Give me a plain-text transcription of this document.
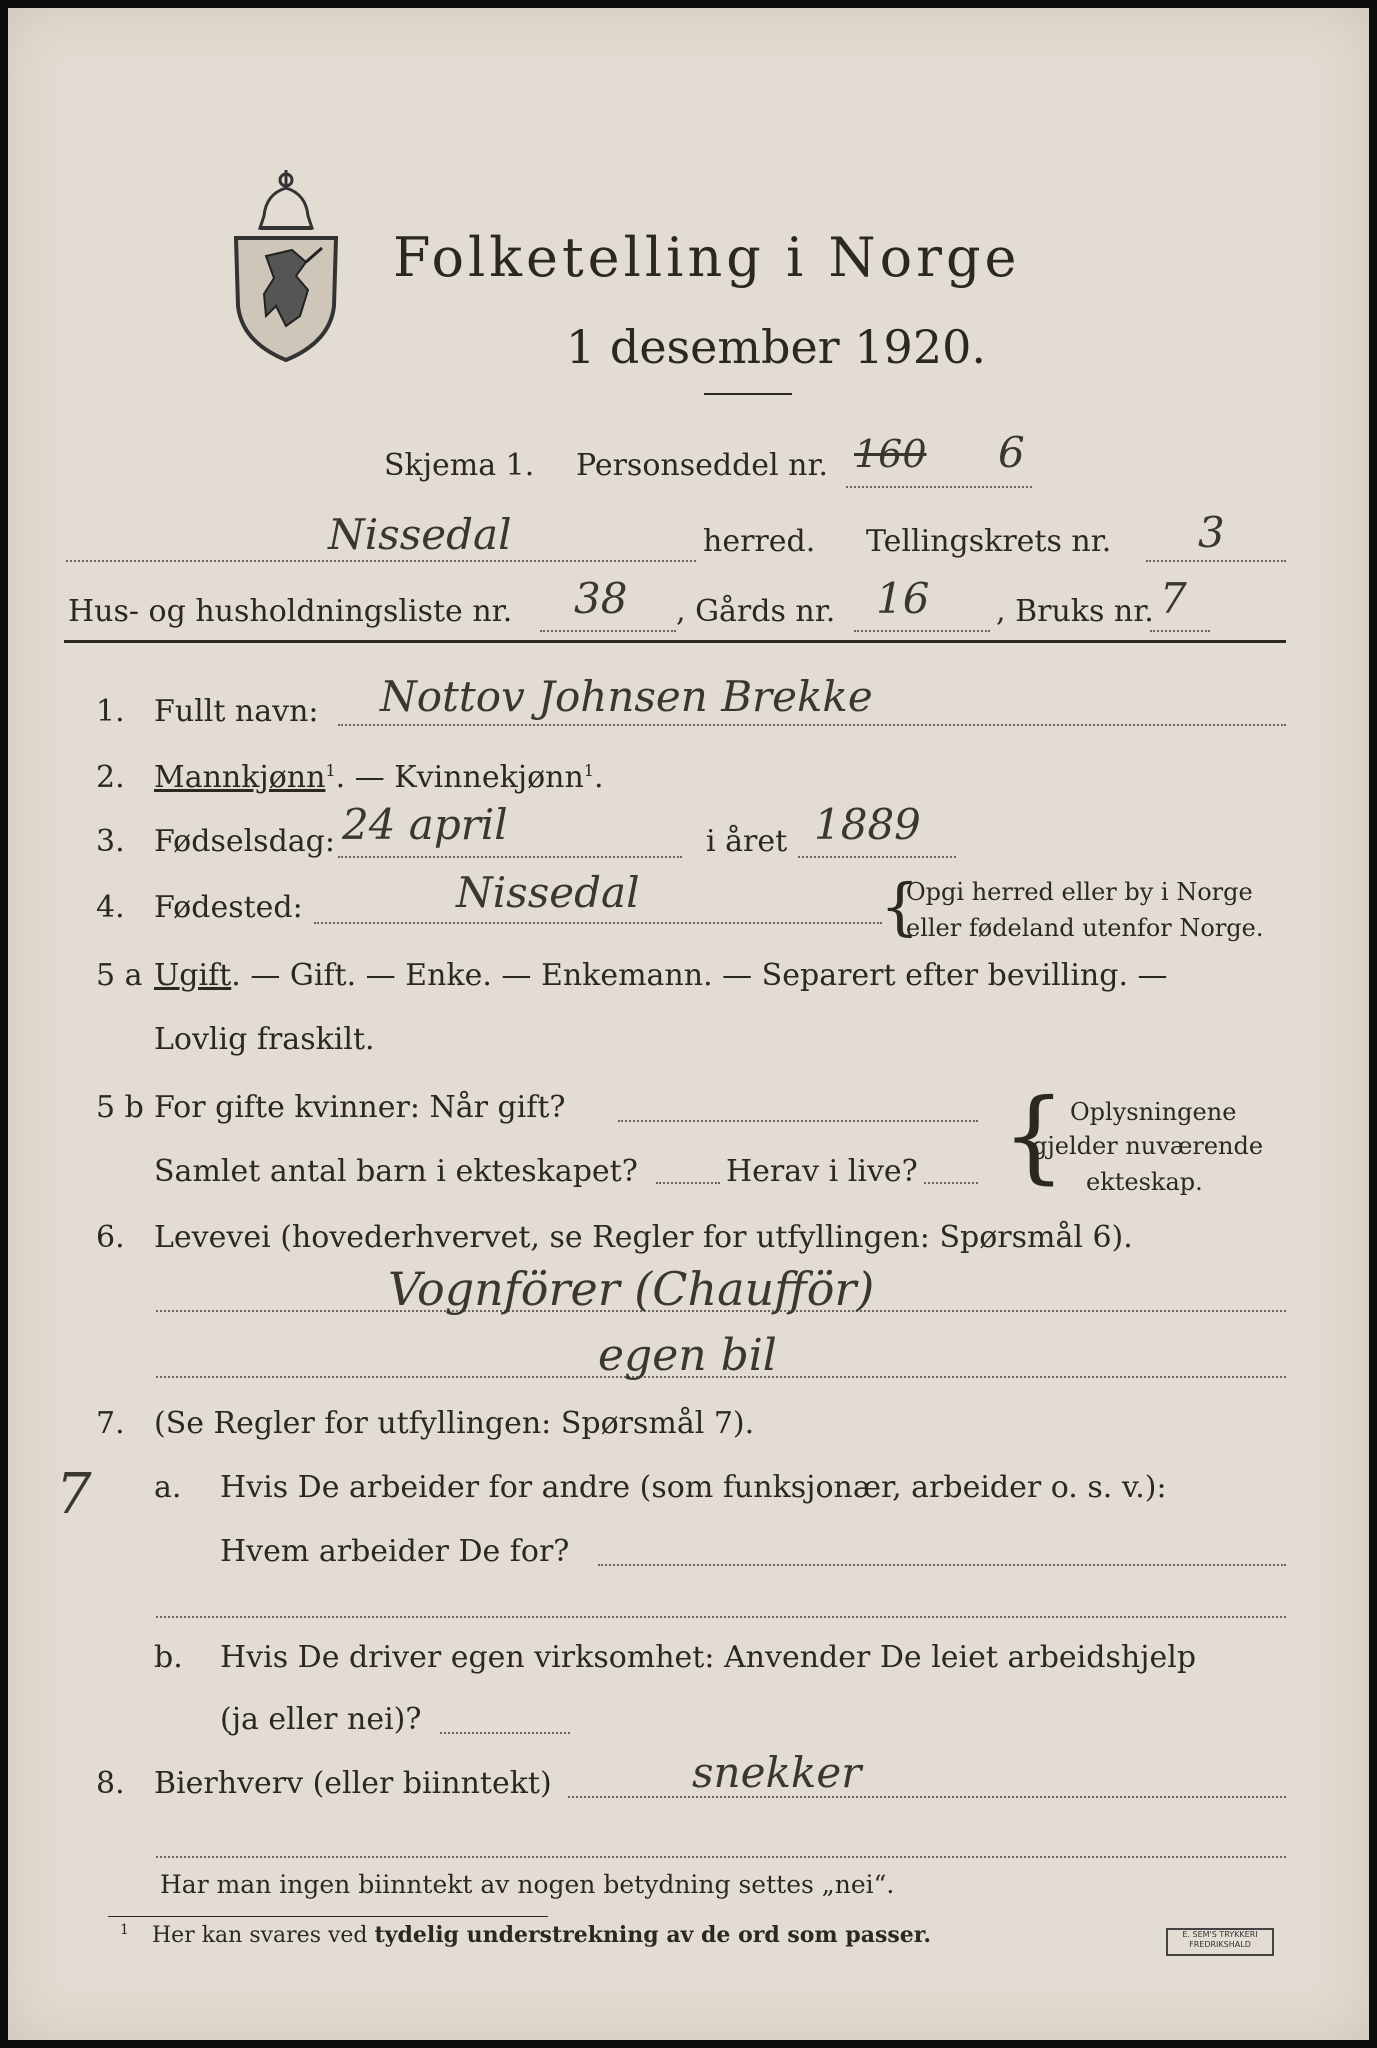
Folketelling i Norge
1 desember 1920.
Skjema 1. Personseddel nr. 160 6
Nissedal	herred. Tellingskrets nr. 3
Hus- og husholdningsliste nr. 38 , Gårds nr. 16 , Bruks nr. 7
1. Fullt navn: Nottov Johnsen Brekke
2. Mannkjønn$^1$. — Kvinnekjønn$^1$.
3. Fødselsdag: 24 april	i året 1889
4. Fødested:	Nissedal	{
Opgi herred eller by i Norge
eller fødeland utenfor Norge.
5 a Ugift. — Gift. — Enke. — Enkemann. — Separert efter bevilling. —
Lovlig fraskilt.
5 b For gifte kvinner: Når gift?
Samlet antal barn i ekteskapet?	Herav i live? { Oplysningene
gjelder nuværende
ekteskap.
6. Levevei (hovederhvervet, se Regler for utfyllingen: Spørsmål 6).
Vognförer (Chaufför)
egen bil
7. (Se Regler for utfyllingen: Spørsmål 7).
7 a. Hvis De arbeider for andre (som funksjonær, arbeider o. s. v.):
Hvem arbeider De for?
b. Hvis De driver egen virksomhet: Anvender De leiet arbeidshjelp
(ja eller nei)?
8. Bierhverv (eller biinntekt)	snekker
Har man ingen biinntekt av nogen betydning settes „nei“.
1 Her kan svares ved tydelig understrekning av de ord som passer.	E. SEM'S TRYKKERI
FREDRIKSHALD
